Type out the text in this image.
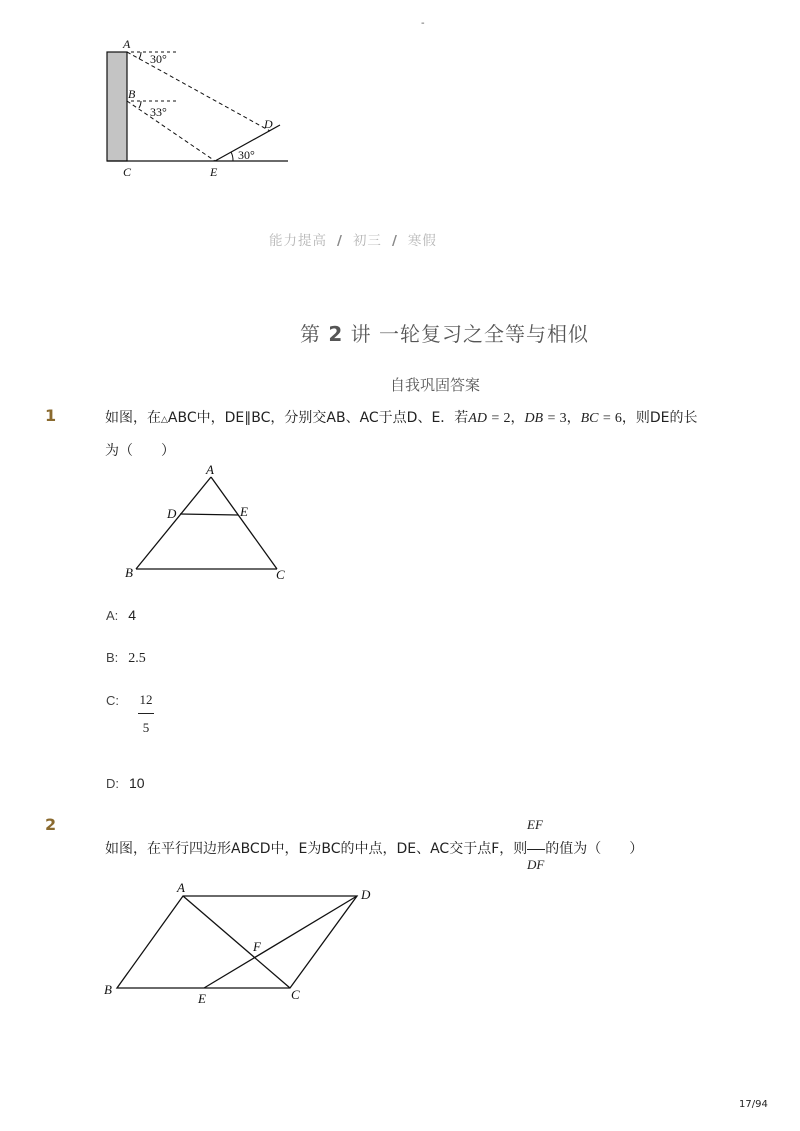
-
A
B
C
D
E
30°
33°
30°
能力提高 / 初三 / 寒假
第 2 讲 一轮复习之全等与相似
自我巩固答案
1	如图，在△ABC中，DE∥BC，分别交AB、AC于点D、E．若AD = 2，DB = 3，BC = 6，则DE的长
为（　　）
A
B	C
D	E
A: 4
B: 2.5
C: 12
5
D: 10
2
如图，在平行四边形ABCD中，E为BC的中点，DE、AC交于点F，则 的值为（　　）
EF
DF
A
B	C
D
E
F
17/94
